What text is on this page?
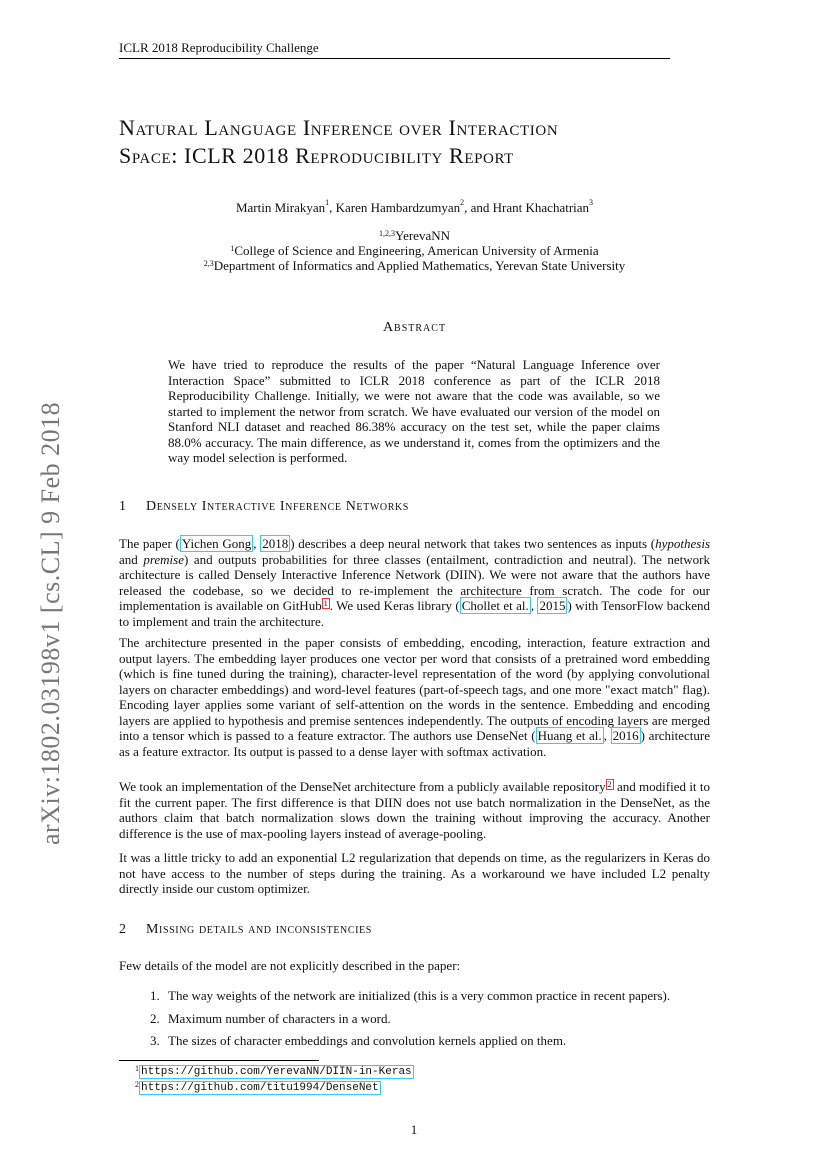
ICLR 2018 Reproducibility Challenge
arXiv:1802.03198v1 [cs.CL] 9 Feb 2018
Natural Language Inference over Interaction
Space: ICLR 2018 Reproducibility Report
Martin Mirakyan$^1$, Karen Hambardzumyan$^2$, and Hrant Khachatrian$^3$
$^{1,2,3}$YerevaNN
$^1$College of Science and Engineering, American University of Armenia
$^{2,3}$Department of Informatics and Applied Mathematics, Yerevan State University
Abstract
We have tried to reproduce the results of the paper “Natural Language Inference over Interaction Space” submitted to ICLR 2018 conference as part of the ICLR 2018 Reproducibility Challenge. Initially, we were not aware that the code was available, so we started to implement the networ from scratch. We have evaluated our version of the model on Stanford NLI dataset and reached 86.38% accuracy on the test set, while the paper claims 88.0% accuracy. The main difference, as we understand it, comes from the optimizers and the way model selection is performed.
1 Densely Interactive Inference Networks
The paper ( Yichen Gong , 2018 ) describes a deep neural network that takes two sentences as inputs (hypothesis and premise) and outputs probabilities for three classes (entailment, contradiction and neutral). The network architecture is called Densely Interactive Inference Network (DIIN). We were not aware that the authors have released the codebase, so we decided to re-implement the architecture from scratch. The code for our implementation is available on GitHub $^1$ . We used Keras library ( Chollet et al. , 2015 ) with TensorFlow backend to implement and train the architecture.
The architecture presented in the paper consists of embedding, encoding, interaction, feature extraction and output layers. The embedding layer produces one vector per word that consists of a pretrained word embedding (which is fine tuned during the training), character-level representation of the word (by applying convolutional layers on character embeddings) and word-level features (part-of-speech tags, and one more "exact match" flag). Encoding layer applies some variant of self-attention on the words in the sentence. Embedding and encoding layers are applied to hypothesis and premise sentences independently. The outputs of encoding layers are merged into a tensor which is passed to a feature extractor. The authors use DenseNet ( Huang et al. , 2016 ) architecture as a feature extractor. Its output is passed to a dense layer with softmax activation.
We took an implementation of the DenseNet architecture from a publicly available repository $^2$ and modified it to fit the current paper. The first difference is that DIIN does not use batch normalization in the DenseNet, as the authors claim that batch normalization slows down the training without improving the accuracy. Another difference is the use of max-pooling layers instead of average-pooling.
It was a little tricky to add an exponential L2 regularization that depends on time, as the regularizers in Keras do not have access to the number of steps during the training. As a workaround we have included L2 penalty directly inside our custom optimizer.
2 Missing details and inconsistencies
Few details of the model are not explicitly described in the paper:
1. The way weights of the network are initialized (this is a very common practice in recent papers).
2. Maximum number of characters in a word.
3. The sizes of character embeddings and convolution kernels applied on them.
$^1$ https://github.com/YerevaNN/DIIN-in-Keras
$^2$ https://github.com/titu1994/DenseNet
1
